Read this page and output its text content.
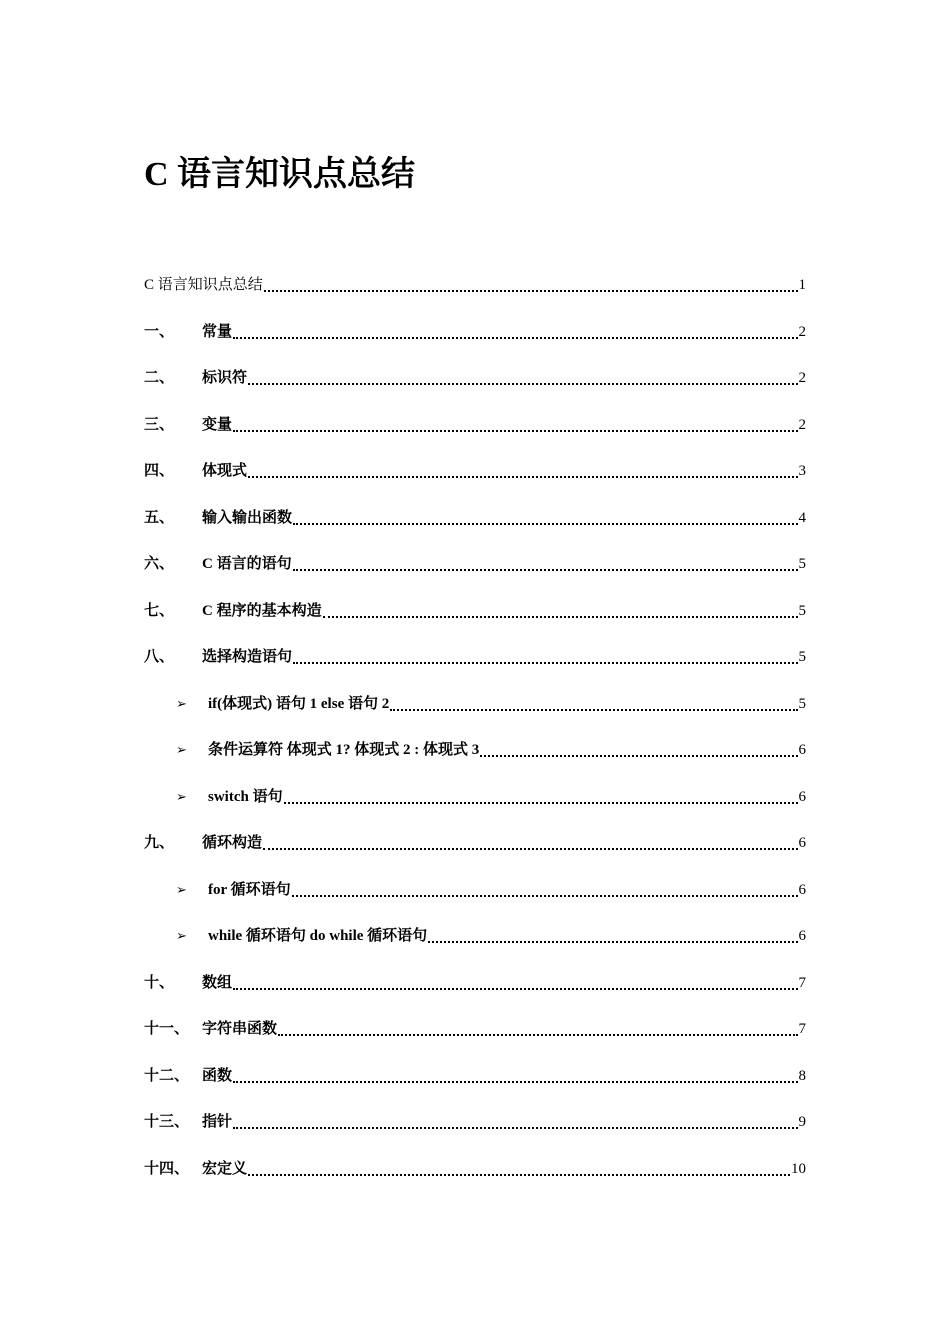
C 语言知识点总结
C 语言知识点总结	1
一、	常量	2
二、	标识符	2
三、	变量	2
四、	体现式	3
五、	输入输出函数	4
六、	C 语言的语句	5
七、	C 程序的基本构造	5
八、	选择构造语句	5
➢	if(体现式) 语句 1 else 语句 2	5
➢	条件运算符 体现式 1? 体现式 2 : 体现式 3	6
➢	switch 语句	6
九、	循环构造	6
➢	for 循环语句	6
➢	while 循环语句 do while 循环语句	6
十、	数组	7
十一、 字符串函数	7
十二、 函数	8
十三、 指针	9
十四、 宏定义	10
